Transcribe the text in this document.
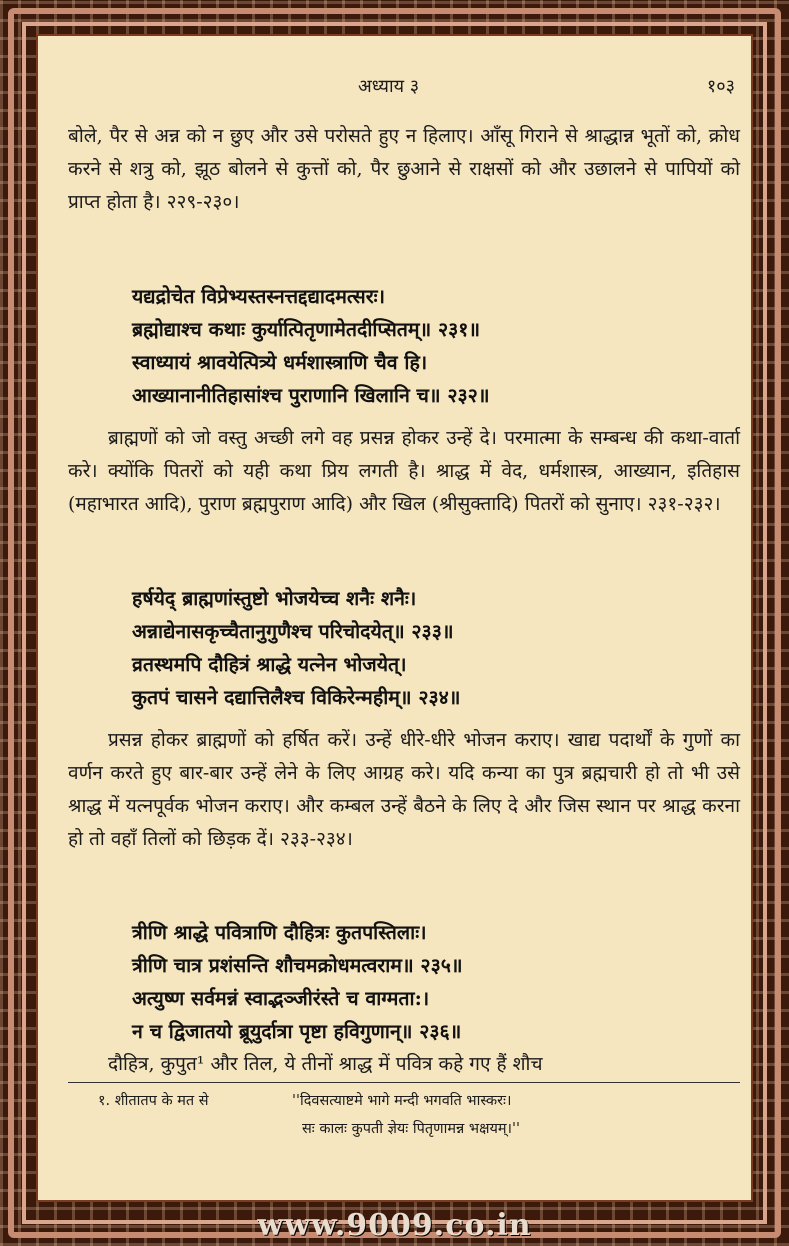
अध्याय ३	१०३

बोले, पैर से अन्न को न छुए और उसे परोसते हुए न हिलाए। आँसू गिराने से श्राद्धान्न भूतों को, क्रोध करने से शत्रु को, झूठ बोलने से कुत्तों को, पैर छुआने से राक्षसों को और उछालने से पापियों को प्राप्त होता है। २२९-२३०।

यद्यद्रोचेत विप्रेभ्यस्तस्नत्तद्दद्यादमत्सरः।
ब्रह्मोद्याश्च कथाः कुर्यात्पितृणामेतदीप्सितम्॥ २३१॥
स्वाध्यायं श्रावयेत्पित्र्ये धर्मशास्त्राणि चैव हि।
आख्यानानीतिहासांश्च पुराणानि खिलानि च॥ २३२॥

ब्राह्मणों को जो वस्तु अच्छी लगे वह प्रसन्न होकर उन्हें दे। परमात्मा के सम्बन्ध की कथा-वार्ता करे। क्योंकि पितरों को यही कथा प्रिय लगती है। श्राद्ध में वेद, धर्मशास्त्र, आख्यान, इतिहास (महाभारत आदि), पुराण ब्रह्मपुराण आदि) और खिल (श्रीसुक्तादि) पितरों को सुनाए। २३१-२३२।

हर्षयेद् ब्राह्मणांस्तुष्टो भोजयेच्च शनैः शनैः।
अन्नाद्येनासकृच्चैतानुगुणैश्च परिचोदयेत्॥ २३३॥
व्रतस्थमपि दौहित्रं श्राद्धे यत्नेन भोजयेत्।
कुतपं चासने दद्यात्तिलैश्च विकिरेन्महीम्॥ २३४॥

प्रसन्न होकर ब्राह्मणों को हर्षित करें। उन्हें धीरे-धीरे भोजन कराए। खाद्य पदार्थों के गुणों का वर्णन करते हुए बार-बार उन्हें लेने के लिए आग्रह करे। यदि कन्या का पुत्र ब्रह्मचारी हो तो भी उसे श्राद्ध में यत्नपूर्वक भोजन कराए। और कम्बल उन्हें बैठने के लिए दे और जिस स्थान पर श्राद्ध करना हो तो वहाँ तिलों को छिड़क दें। २३३-२३४।

त्रीणि श्राद्धे पवित्राणि दौहित्रः कुतपस्तिलाः।
त्रीणि चात्र प्रशंसन्ति शौचमक्रोधमत्वराम॥ २३५॥
अत्युष्ण सर्वमन्नं स्वाद्भञ्जीरंस्ते च वाग्मता:।
न च द्विजातयो ब्रूयुर्दात्रा पृष्टा हविगुणान्॥ २३६॥

दौहित्र, कुपुत¹ और तिल, ये तीनों श्राद्ध में पवित्र कहे गए हैं शौच

१. शीतातप के मत से	''दिवसत्याष्टमे भागे मन्दी भगवति भास्करः।
सः कालः कुपती ज्ञेयः पितृणामन्न भक्षयम्।''
www.9009.co.in
